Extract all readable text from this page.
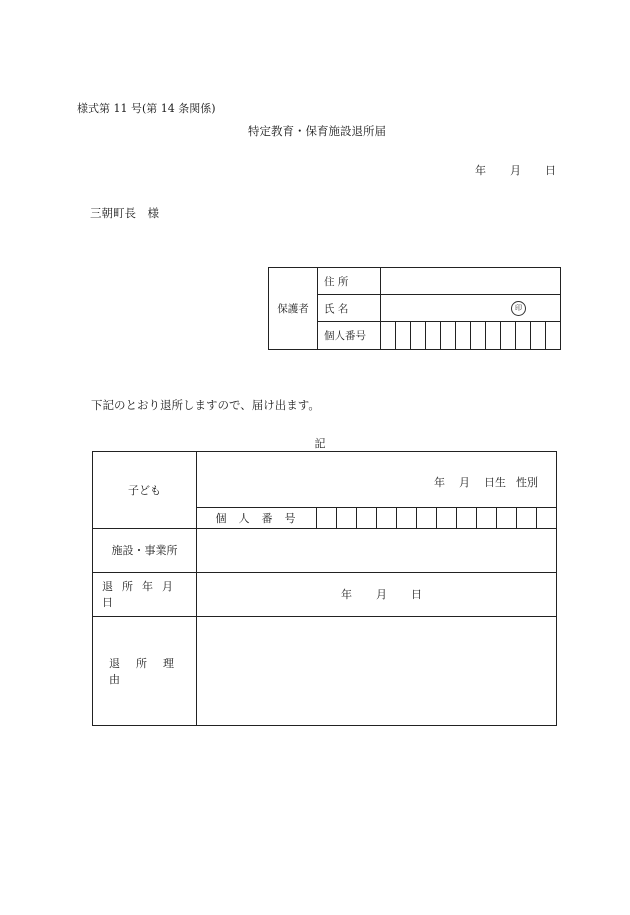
様式第 11 号(第 14 条関係)
特定教育・保育施設退所届
年 月 日
三朝町長　様
保護者
住 所
氏 名	印
個人番号
下記のとおり退所しますので、届け出ます。
記
子ども
年 月 日生 性別
個人番号
施設・事業所
退所年月日
年 月 日
退所理由
